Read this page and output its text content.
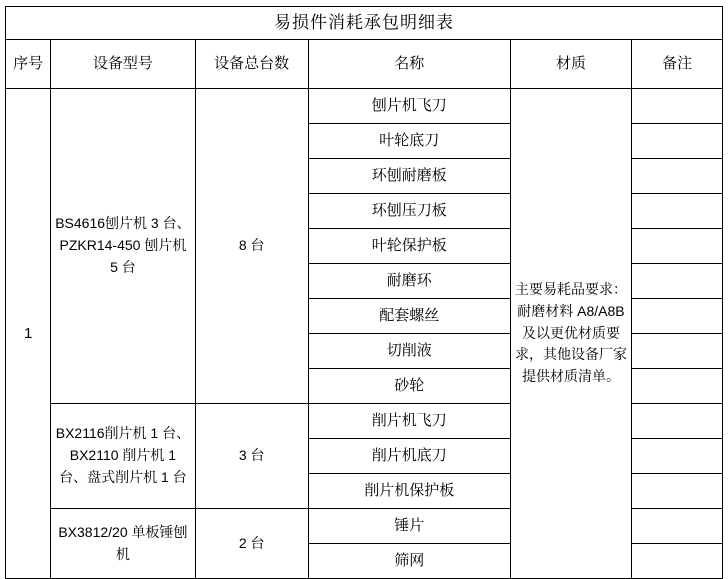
易损件消耗承包明细表					
序号	设备型号	设备总台数	名称	材质	备注
1	BS4616刨片机 3 台、PZKR14-450 刨片机 5 台	8 台	刨片机飞刀	主要易耗品要求：耐磨材料 A8/A8B 及以更优材质要求，其他设备厂家提供材质清单。	
			叶轮底刀		
			环刨耐磨板		
			环刨压刀板		
			叶轮保护板		
			耐磨环		
			配套螺丝		
			切削液		
			砂轮		
	BX2116削片机 1 台、BX2110 削片机 1 台、盘式削片机 1 台	3 台	削片机飞刀		
			削片机底刀		
			削片机保护板		
	BX3812/20 单板锤刨机	2 台	锤片		
			筛网		
